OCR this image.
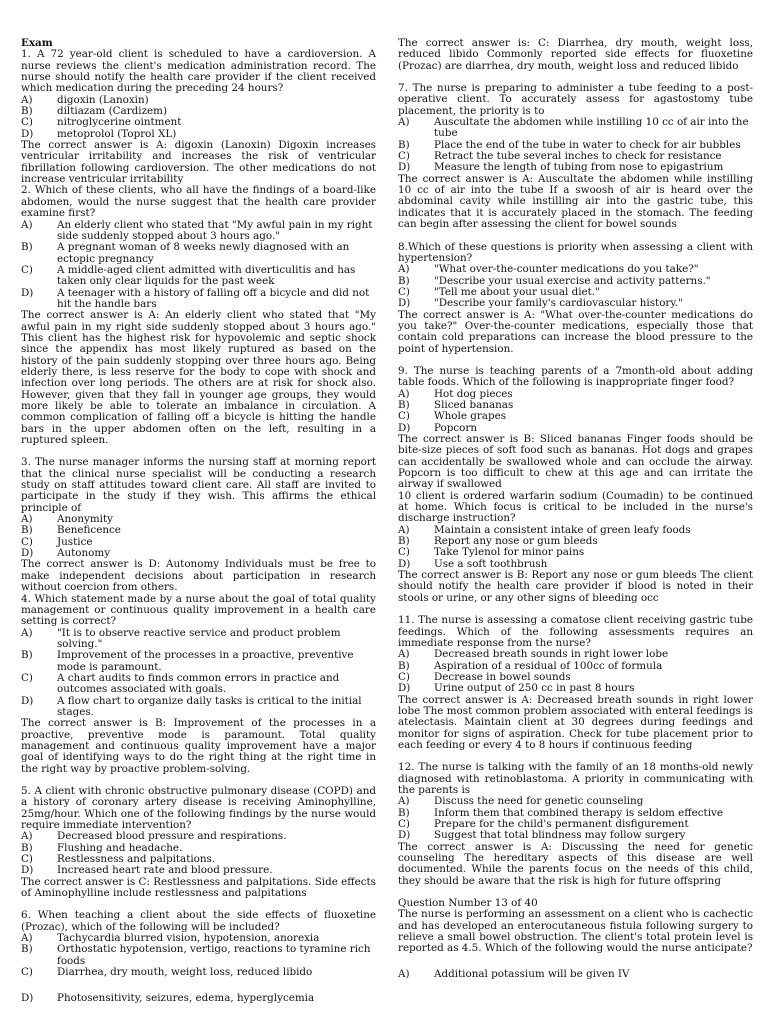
Exam

1. A 72 year-old client is scheduled to have a cardioversion. A nurse reviews the client's medication administration record. The nurse should notify the health care provider if the client received which medication during the preceding 24 hours?

A)	digoxin (Lanoxin)
B)	diltiazam (Cardizem)
C)	nitroglycerine ointment
D)	metoprolol (Toprol XL)

The correct answer is A: digoxin (Lanoxin) Digoxin increases ventricular irritability and increases the risk of ventricular fibrillation following cardioversion. The other medications do not increase ventricular irritability

2. Which of these clients, who all have the findings of a board-like abdomen, would the nurse suggest that the health care provider examine first?

A)	An elderly client who stated that "My awful pain in my right side suddenly stopped about 3 hours ago."
B)	A pregnant woman of 8 weeks newly diagnosed with an ectopic pregnancy
C)	A middle-aged client admitted with diverticulitis and has taken only clear liquids for the past week
D)	A teenager with a history of falling off a bicycle and did not hit the handle bars

The correct answer is A: An elderly client who stated that "My awful pain in my right side suddenly stopped about 3 hours ago." This client has the highest risk for hypovolemic and septic shock since the appendix has most likely ruptured as based on the history of the pain suddenly stopping over three hours ago. Being elderly there, is less reserve for the body to cope with shock and infection over long periods. The others are at risk for shock also. However, given that they fall in younger age groups, they would more likely be able to tolerate an imbalance in circulation. A common complication of falling off a bicycle is hitting the handle bars in the upper abdomen often on the left, resulting in a ruptured spleen.

3. The nurse manager informs the nursing staff at morning report that the clinical nurse specialist will be conducting a research study on staff attitudes toward client care. All staff are invited to participate in the study if they wish. This affirms the ethical principle of

A)	Anonymity
B)	Beneficence
C)	Justice
D)	Autonomy

The correct answer is D: Autonomy Individuals must be free to make independent decisions about participation in research without coercion from others.

4. Which statement made by a nurse about the goal of total quality management or continuous quality improvement in a health care setting is correct?

A)	"It is to observe reactive service and product problem solving."
B)	Improvement of the processes in a proactive, preventive mode is paramount.
C)	A chart audits to finds common errors in practice and outcomes associated with goals.
D)	A flow chart to organize daily tasks is critical to the initial stages.

The correct answer is B: Improvement of the processes in a proactive, preventive mode is paramount. Total quality management and continuous quality improvement have a major goal of identifying ways to do the right thing at the right time in the right way by proactive problem-solving.

5. A client with chronic obstructive pulmonary disease (COPD) and a history of coronary artery disease is receiving Aminophylline, 25mg/hour. Which one of the following findings by the nurse would require immediate intervention?

A)	Decreased blood pressure and respirations.
B)	Flushing and headache.
C)	Restlessness and palpitations.
D)	Increased heart rate and blood pressure.

The correct answer is C: Restlessness and palpitations. Side effects of Aminophylline include restlessness and palpitations

6. When teaching a client about the side effects of fluoxetine (Prozac), which of the following will be included?

A)	Tachycardia blurred vision, hypotension, anorexia
B)	Orthostatic hypotension, vertigo, reactions to tyramine rich foods
C)	Diarrhea, dry mouth, weight loss, reduced libido
D)	Photosensitivity, seizures, edema, hyperglycemia

The correct answer is: C: Diarrhea, dry mouth, weight loss, reduced libido Commonly reported side effects for fluoxetine (Prozac) are diarrhea, dry mouth, weight loss and reduced libido

7. The nurse is preparing to administer a tube feeding to a post-operative client. To accurately assess for agastostomy tube placement, the priority is to

A)	Auscultate the abdomen while instilling 10 cc of air into the tube
B)	Place the end of the tube in water to check for air bubbles
C)	Retract the tube several inches to check for resistance
D)	Measure the length of tubing from nose to epigastrium

The correct answer is A: Auscultate the abdomen while instilling 10 cc of air into the tube If a swoosh of air is heard over the abdominal cavity while instilling air into the gastric tube, this indicates that it is accurately placed in the stomach. The feeding can begin after assessing the client for bowel sounds

8.Which of these questions is priority when assessing a client with hypertension?

A)	"What over-the-counter medications do you take?"
B)	"Describe your usual exercise and activity patterns."
C)	"Tell me about your usual diet."
D)	"Describe your family's cardiovascular history."

The correct answer is A: "What over-the-counter medications do you take?" Over-the-counter medications, especially those that contain cold preparations can increase the blood pressure to the point of hypertension.

9. The nurse is teaching parents of a 7month-old about adding table foods. Which of the following is inappropriate finger food?

A)	Hot dog pieces
B)	Sliced bananas
C)	Whole grapes
D)	Popcorn

The correct answer is B: Sliced bananas Finger foods should be bite-size pieces of soft food such as bananas. Hot dogs and grapes can accidentally be swallowed whole and can occlude the airway. Popcorn is too difficult to chew at this age and can irritate the airway if swallowed

10 client is ordered warfarin sodium (Coumadin) to be continued at home. Which focus is critical to be included in the nurse's discharge instruction?

A)	Maintain a consistent intake of green leafy foods
B)	Report any nose or gum bleeds
C)	Take Tylenol for minor pains
D)	Use a soft toothbrush

The correct answer is B: Report any nose or gum bleeds The client should notify the health care provider if blood is noted in their stools or urine, or any other signs of bleeding occ

11. The nurse is assessing a comatose client receiving gastric tube feedings. Which of the following assessments requires an immediate response from the nurse?

A)	Decreased breath sounds in right lower lobe
B)	Aspiration of a residual of 100cc of formula
C)	Decrease in bowel sounds
D)	Urine output of 250 cc in past 8 hours

The correct answer is A: Decreased breath sounds in right lower lobe The most common problem associated with enteral feedings is atelectasis. Maintain client at 30 degrees during feedings and monitor for signs of aspiration. Check for tube placement prior to each feeding or every 4 to 8 hours if continuous feeding

12. The nurse is talking with the family of an 18 months-old newly diagnosed with retinoblastoma. A priority in communicating with the parents is

A)	Discuss the need for genetic counseling
B)	Inform them that combined therapy is seldom effective
C)	Prepare for the child's permanent disfigurement
D)	Suggest that total blindness may follow surgery

The correct answer is A: Discussing the need for genetic counseling The hereditary aspects of this disease are well documented. While the parents focus on the needs of this child, they should be aware that the risk is high for future offspring

Question Number 13 of 40

The nurse is performing an assessment on a client who is cachectic and has developed an enterocutaneous fistula following surgery to relieve a small bowel obstruction. The client's total protein level is reported as 4.5. Which of the following would the nurse anticipate?

A)	Additional potassium will be given IV
